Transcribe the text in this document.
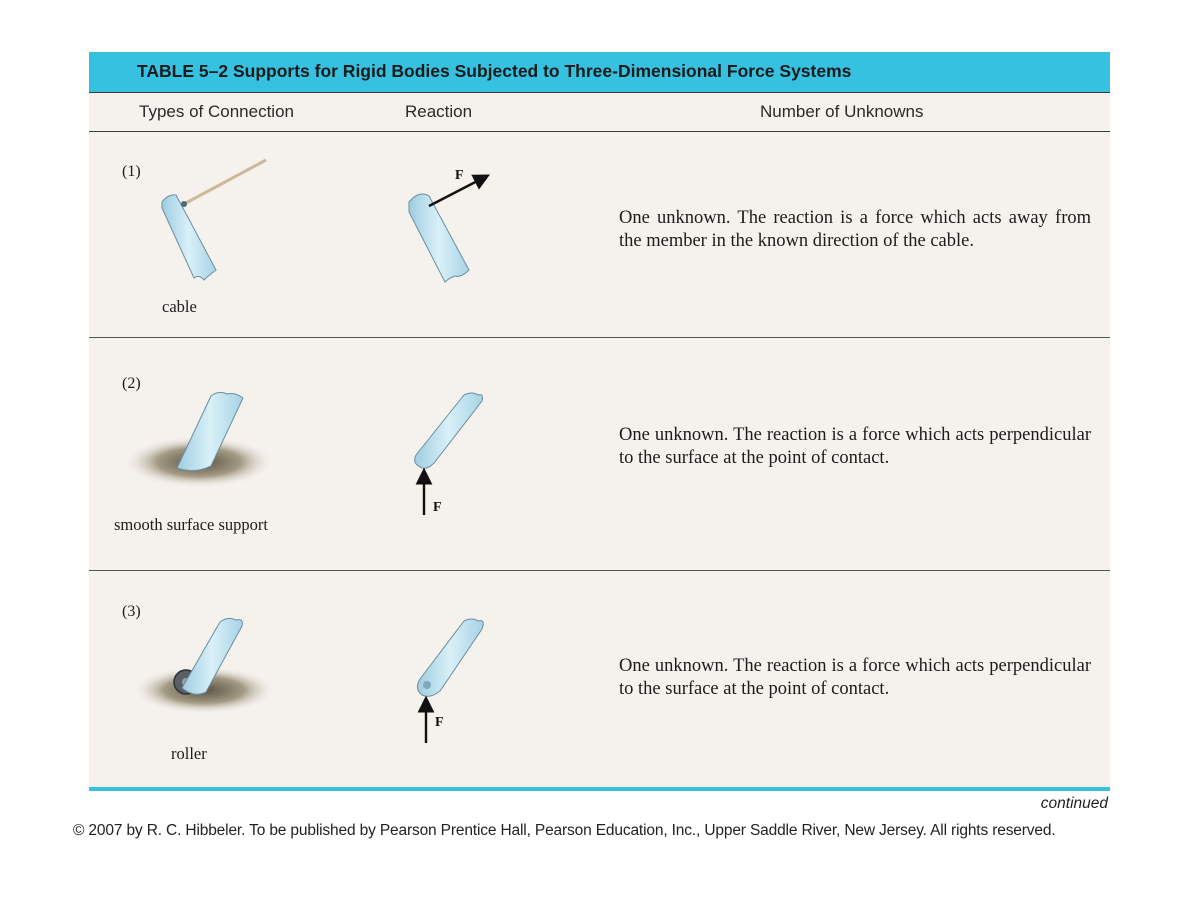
TABLE 5–2 Supports for Rigid Bodies Subjected to Three-Dimensional Force Systems
Types of Connection	Reaction	Number of Unknowns
(1)
cable
F
One unknown. The reaction is a force which acts away from the member in the known direction of the cable.
(2)
smooth surface support
F
One unknown. The reaction is a force which acts perpendicular to the surface at the point of contact.
(3)
roller
F
One unknown. The reaction is a force which acts perpendicular to the surface at the point of contact.
continued
© 2007 by R. C. Hibbeler. To be published by Pearson Prentice Hall, Pearson Education, Inc., Upper Saddle River, New Jersey. All rights reserved.
